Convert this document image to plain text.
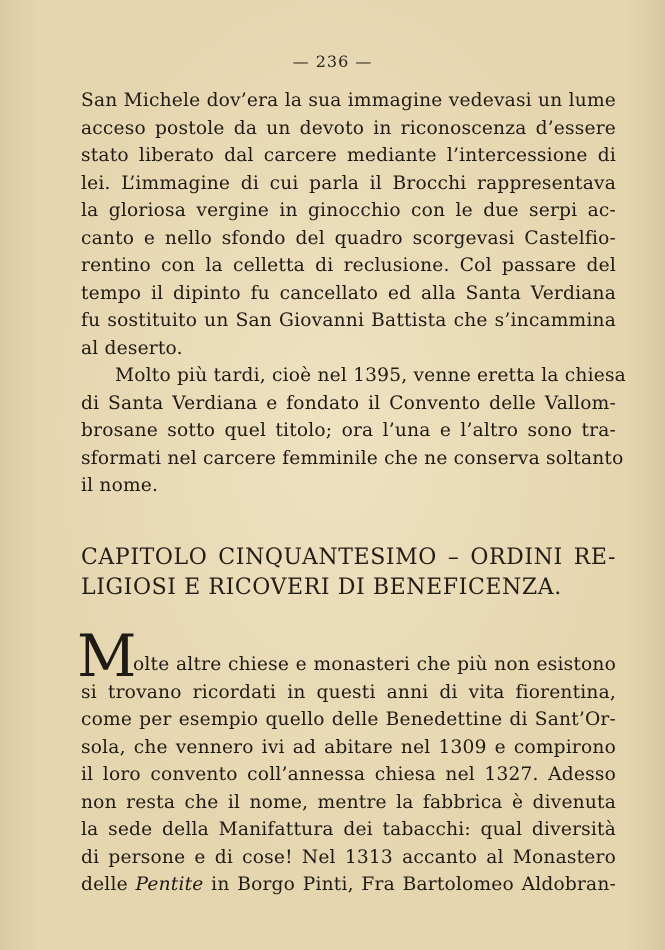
— 236 —
San Michele dov’era la sua immagine vedevasi un lume
acceso postole da un devoto in riconoscenza d’essere
stato liberato dal carcere mediante l’intercessione di
lei. L’immagine di cui parla il Brocchi rappresentava
la gloriosa vergine in ginocchio con le due serpi ac-
canto e nello sfondo del quadro scorgevasi Castelfio-
rentino con la celletta di reclusione. Col passare del
tempo il dipinto fu cancellato ed alla Santa Verdiana
fu sostituito un San Giovanni Battista che s’incammina
al deserto.
Molto più tardi, cioè nel 1395, venne eretta la chiesa
di Santa Verdiana e fondato il Convento delle Vallom-
brosane sotto quel titolo; ora l’una e l’altro sono tra-
sformati nel carcere femminile che ne conserva soltanto
il nome.
CAPITOLO CINQUANTESIMO – ORDINI RE-
LIGIOSI E RICOVERI DI BENEFICENZA.
M
olte altre chiese e monasteri che più non esistono
si trovano ricordati in questi anni di vita fiorentina,
come per esempio quello delle Benedettine di Sant’Or-
sola, che vennero ivi ad abitare nel 1309 e compirono
il loro convento coll’annessa chiesa nel 1327. Adesso
non resta che il nome, mentre la fabbrica è divenuta
la sede della Manifattura dei tabacchi: qual diversità
di persone e di cose! Nel 1313 accanto al Monastero
delle Pentite in Borgo Pinti, Fra Bartolomeo Aldobran-
